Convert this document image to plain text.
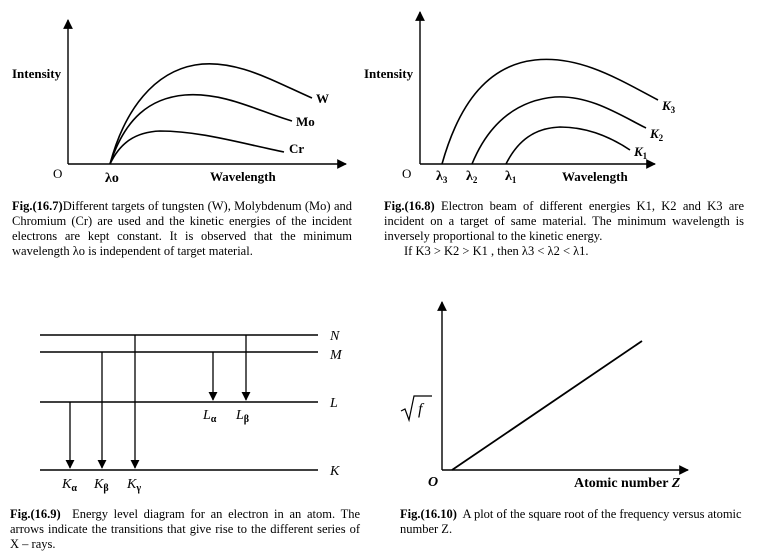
Intensity
O	λo	Wavelength
W
Mo
Cr
Intensity
O	Wavelength
$\lambda_3$ $\lambda_2$ $\lambda_1$
$K_3$
$K_2$
$K_1$
N
M
L
K
$L_\alpha$ $L_\beta$
$K_\alpha$ $K_\beta$ $K_\gamma$
f
O	Atomic number Z
Fig.(16.7)Different targets of tungsten (W), Molybdenum (Mo) and Chromium (Cr) are used and the kinetic energies of the incident electrons are kept constant. It is observed that the minimum wavelength λo is independent of target material.
Fig.(16.8) Electron beam of different energies K1, K2 and K3 are incident on a target of same material. The minimum wavelength is inversely proportional to the kinetic energy.
If K3 > K2 > K1 , then λ3 < λ2 < λ1.
Fig.(16.9) Energy level diagram for an electron in an atom. The arrows indicate the transitions that give rise to the different series of X – rays.
Fig.(16.10) A plot of the square root of the frequency versus atomic number Z.
